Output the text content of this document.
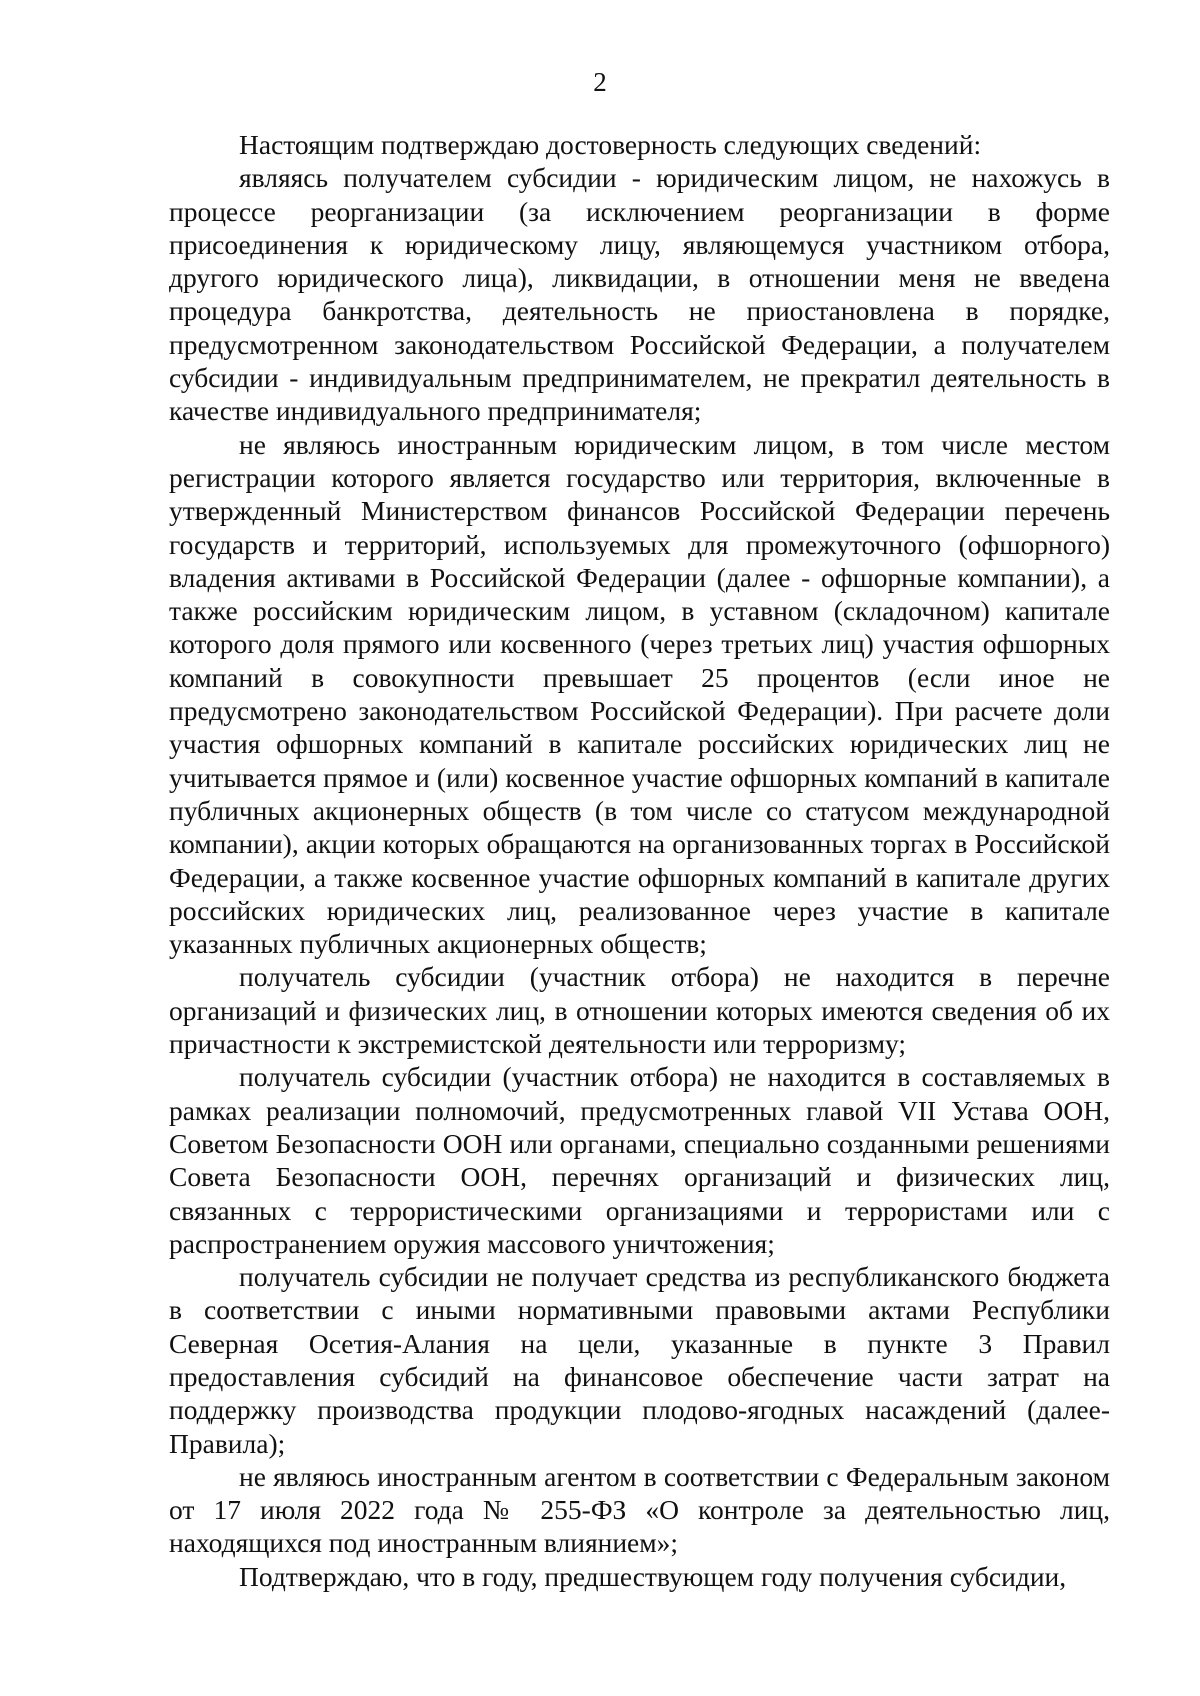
2

Настоящим подтверждаю достоверность следующих сведений:

являясь получателем субсидии - юридическим лицом, не нахожусь в процессе реорганизации (за исключением реорганизации в форме присоединения к юридическому лицу, являющемуся участником отбора, другого юридического лица), ликвидации, в отношении меня не введена процедура банкротства, деятельность не приостановлена в порядке, предусмотренном законодательством Российской Федерации, а получателем субсидии - индивидуальным предпринимателем, не прекратил деятельность в качестве индивидуального предпринимателя;

не являюсь иностранным юридическим лицом, в том числе местом регистрации которого является государство или территория, включенные в утвержденный Министерством финансов Российской Федерации перечень государств и территорий, используемых для промежуточного (офшорного) владения активами в Российской Федерации (далее - офшорные компании), а также российским юридическим лицом, в уставном (складочном) капитале которого доля прямого или косвенного (через третьих лиц) участия офшорных компаний в совокупности превышает 25 процентов (если иное не предусмотрено законодательством Российской Федерации). При расчете доли участия офшорных компаний в капитале российских юридических лиц не учитывается прямое и (или) косвенное участие офшорных компаний в капитале публичных акционерных обществ (в том числе со статусом международной компании), акции которых обращаются на организованных торгах в Российской Федерации, а также косвенное участие офшорных компаний в капитале других российских юридических лиц, реализованное через участие в капитале указанных публичных акционерных обществ;

получатель субсидии (участник отбора) не находится в перечне организаций и физических лиц, в отношении которых имеются сведения об их причастности к экстремистской деятельности или терроризму;

получатель субсидии (участник отбора) не находится в составляемых в рамках реализации полномочий, предусмотренных главой VII Устава ООН, Советом Безопасности ООН или органами, специально созданными решениями Совета Безопасности ООН, перечнях организаций и физических лиц, связанных с террористическими организациями и террористами или с распространением оружия массового уничтожения;

получатель субсидии не получает средства из республиканского бюджета в соответствии с иными нормативными правовыми актами Республики Северная Осетия-Алания на цели, указанные в пункте 3 Правил предоставления субсидий на финансовое обеспечение части затрат на поддержку производства продукции плодово-ягодных насаждений (далее-Правила);

не являюсь иностранным агентом в соответствии с Федеральным законом от 17 июля 2022 года № 255-ФЗ «О контроле за деятельностью лиц, находящихся под иностранным влиянием»;

Подтверждаю, что в году, предшествующем году получения субсидии,
